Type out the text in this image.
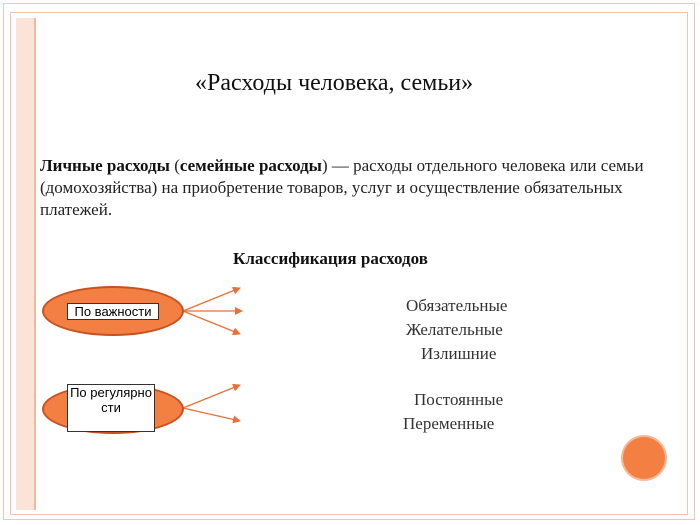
«Расходы человека, семьи»
Личные расходы (семейные расходы) — расходы отдельного человека или семьи (домохозяйства) на приобретение товаров, услуг и осуществление обязательных платежей.
Классификация расходов
По важности	Обязательные
Желательные
Излишние
По регулярности	Постоянные
Переменные
